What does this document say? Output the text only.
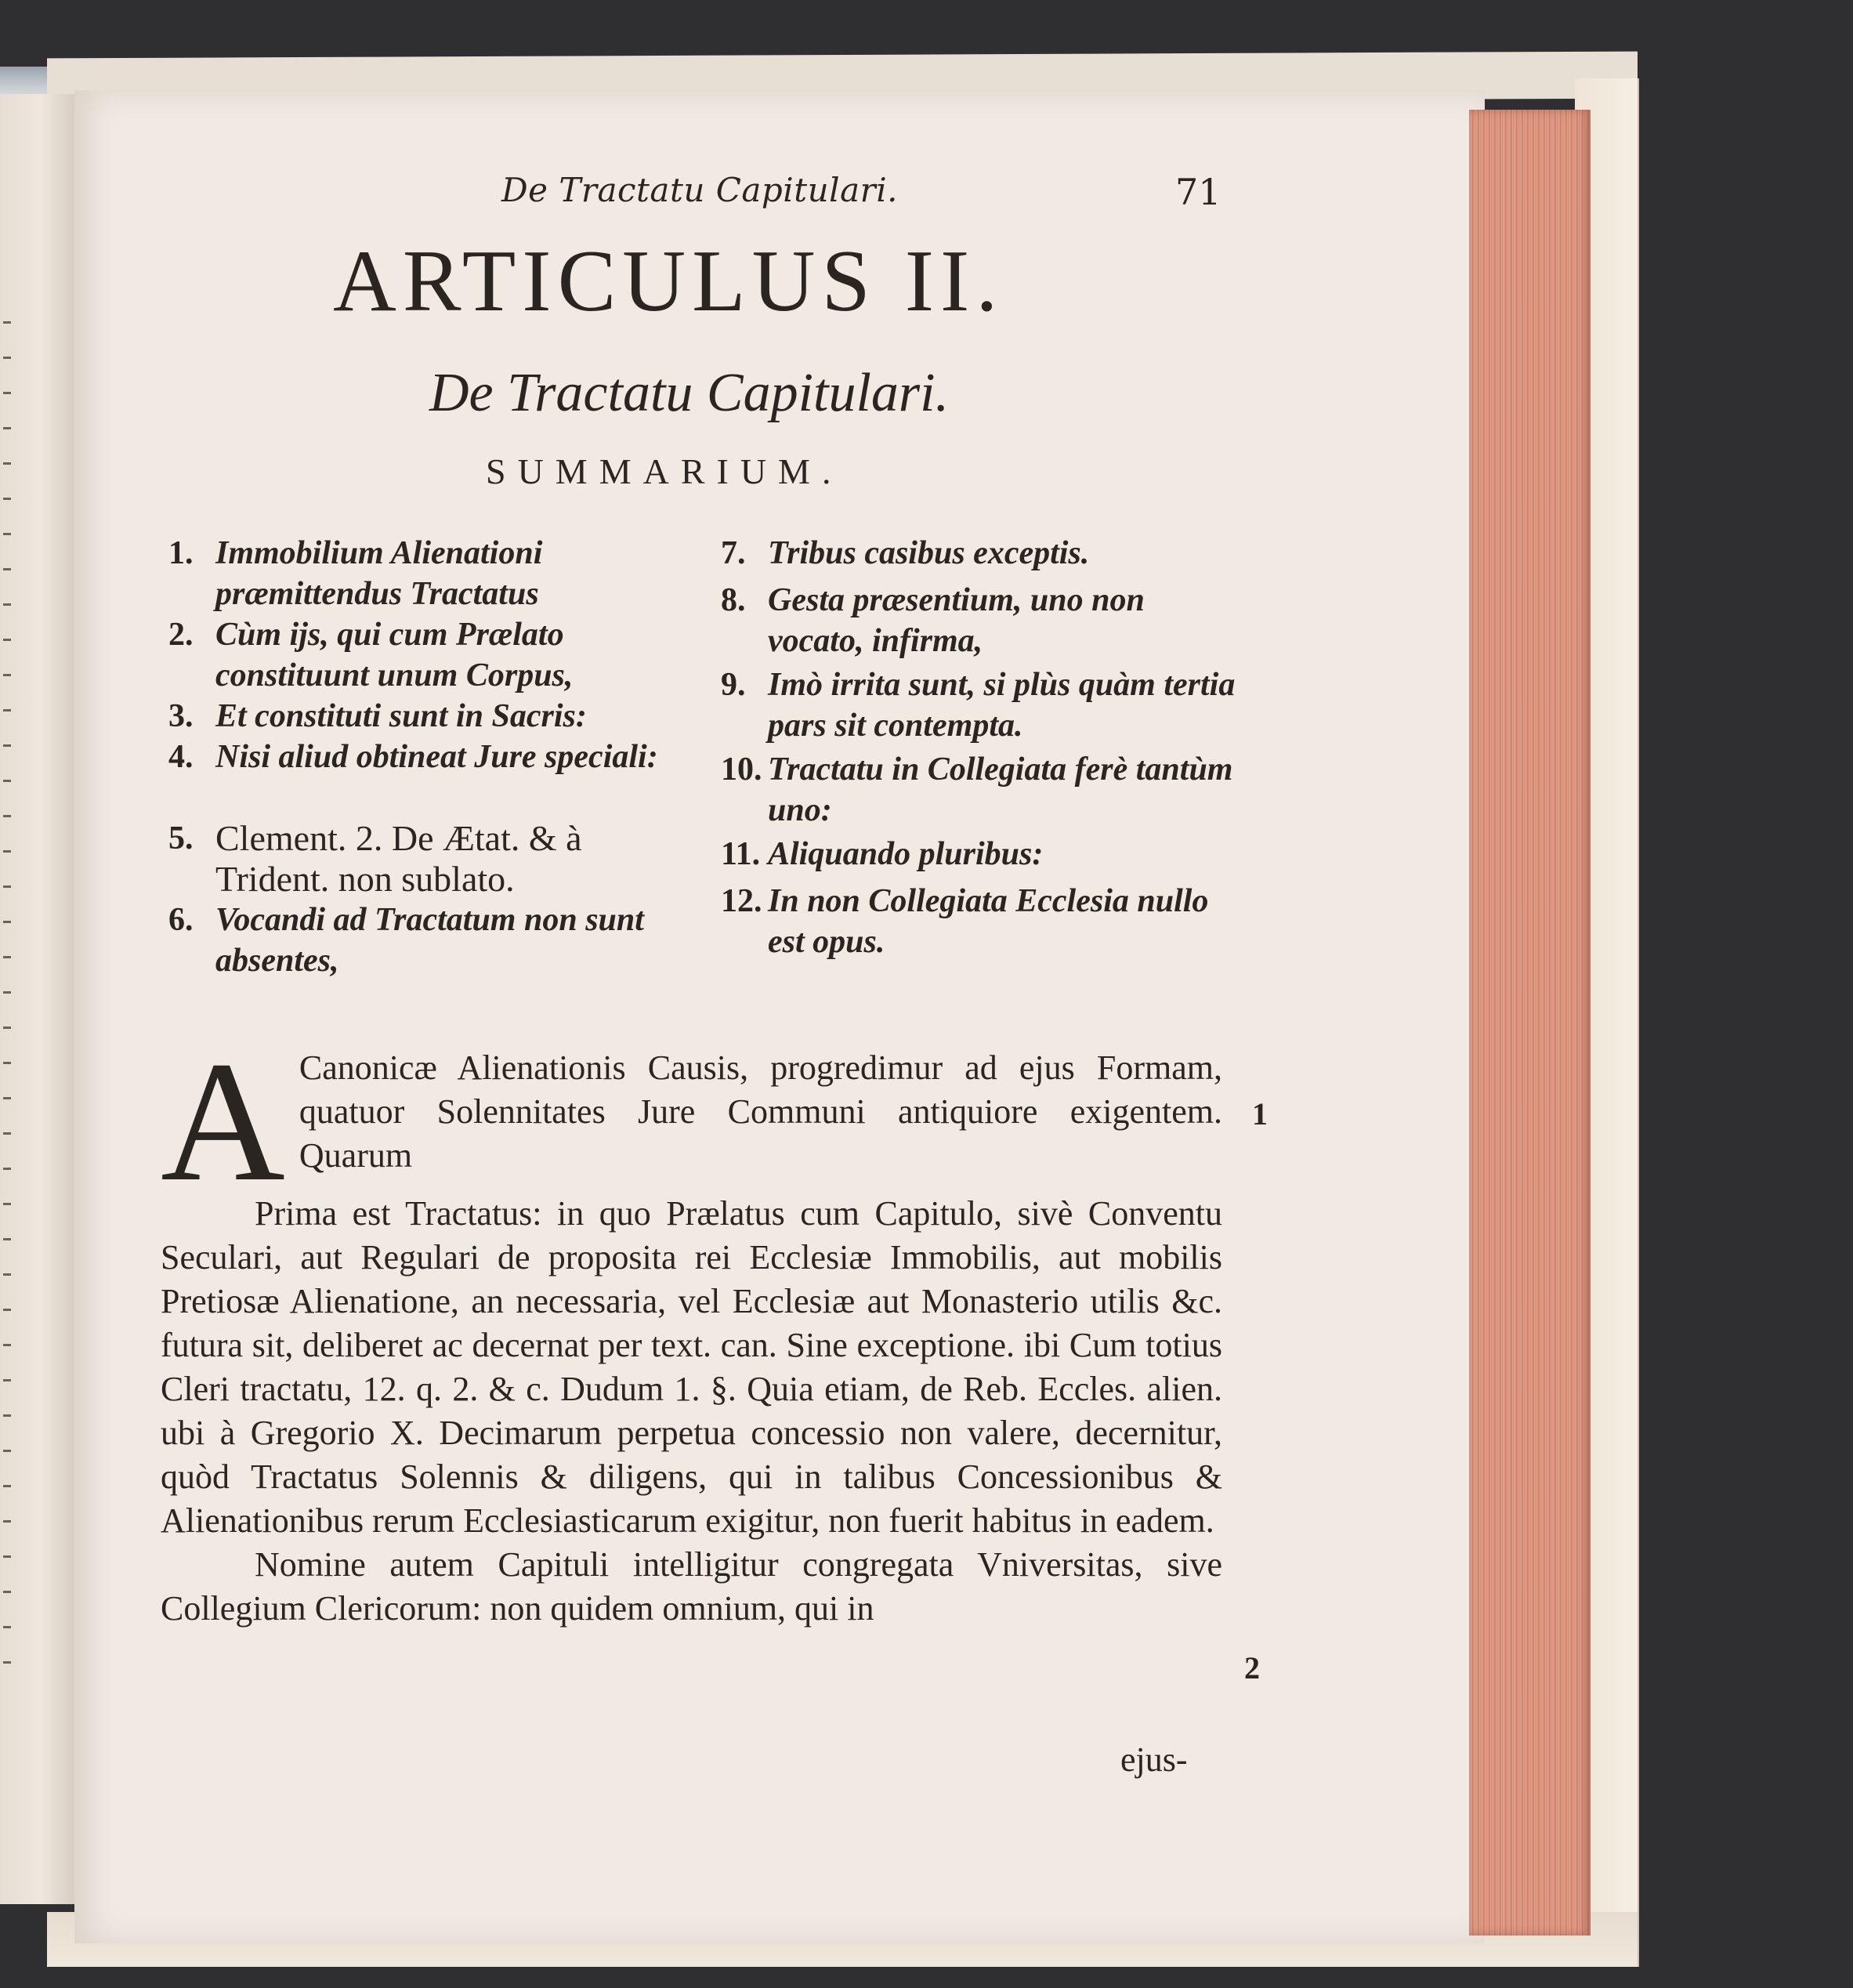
De Tractatu Capitulari.	71
ARTICULUS II.
De Tractatu Capitulari.
SUMMARIUM.
1. Immobilium Alienationi præmittendus Tractatus
2. Cùm ijs, qui cum Prælato constituunt unum Corpus,
3. Et constituti sunt in Sacris:
4. Nisi aliud obtineat Jure speciali:
5. Clement. 2. De Ætat. & à Trident. non sublato.
6. Vocandi ad Tractatum non sunt absentes,
7. Tribus casibus exceptis.
8. Gesta præsentium, uno non vocato, infirma,
9. Imò irrita sunt, si plùs quàm tertia pars sit contempta.
10. Tractatu in Collegiata ferè tantùm uno:
11. Aliquando pluribus:
12. In non Collegiata Ecclesia nullo est opus.

A Canonicæ Alienationis Causis, progredimur ad ejus Formam, quatuor Solennitates Jure Communi antiquiore exigentem. Quarum

Prima est Tractatus: in quo Prælatus cum Capitulo, sivè Conventu Seculari, aut Regulari de proposita rei Ecclesiæ Immobilis, aut mobilis Pretiosæ Alienatione, an necessaria, vel Ecclesiæ aut Monasterio utilis &c. futura sit, deliberet ac decernat per text. can. Sine exceptione. ibi Cum totius Cleri tractatu, 12. q. 2. & c. Dudum 1. §. Quia etiam, de Reb. Eccles. alien. ubi à Gregorio X. Decimarum perpetua concessio non valere, decernitur, quòd Tractatus Solennis & diligens, qui in talibus Concessionibus & Alienationibus rerum Ecclesiasticarum exigitur, non fuerit habitus in eadem.

Nomine autem Capituli intelligitur congregata Vniversitas, sive Collegium Clericorum: non quidem omnium, qui in

1
2
ejus-
